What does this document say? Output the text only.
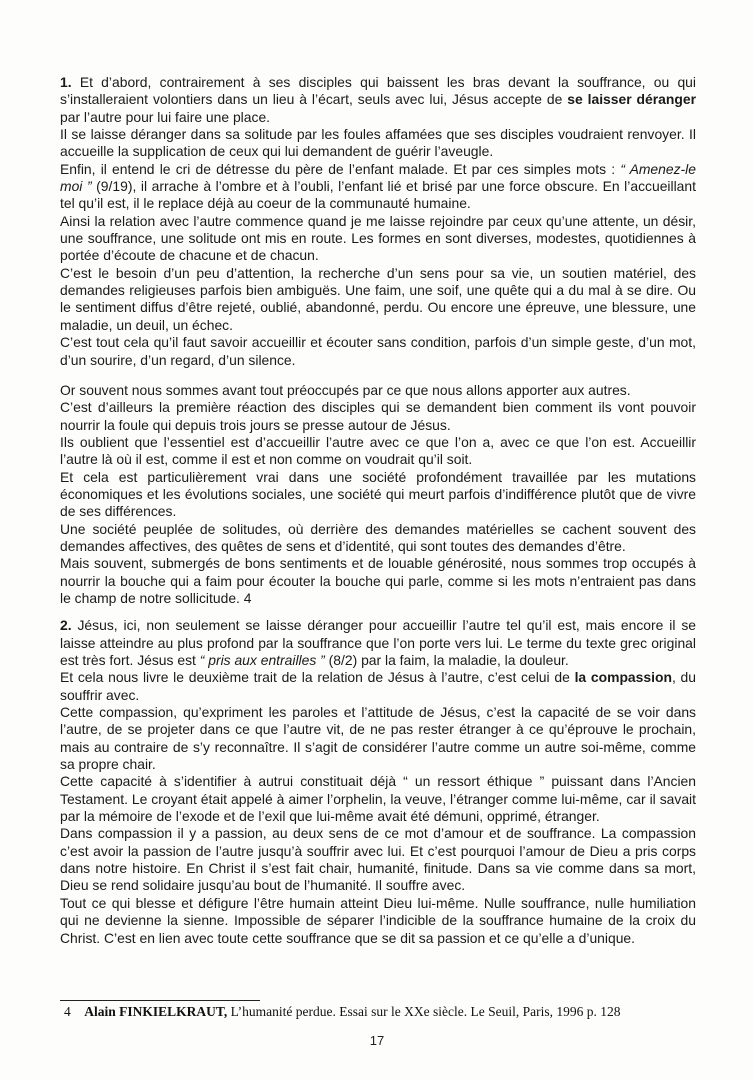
1. Et d’abord, contrairement à ses disciples qui baissent les bras devant la souffrance, ou qui s’installeraient volontiers dans un lieu à l’écart, seuls avec lui, Jésus accepte de se laisser déranger par l’autre pour lui faire une place.

Il se laisse déranger dans sa solitude par les foules affamées que ses disciples voudraient renvoyer. Il accueille la supplication de ceux qui lui demandent de guérir l’aveugle.

Enfin, il entend le cri de détresse du père de l’enfant malade. Et par ces simples mots : “ Amenez-le moi ” (9/19), il arrache à l’ombre et à l’oubli, l’enfant lié et brisé par une force obscure. En l’accueillant tel qu’il est, il le replace déjà au coeur de la communauté humaine.

Ainsi la relation avec l’autre commence quand je me laisse rejoindre par ceux qu’une attente, un désir, une souffrance, une solitude ont mis en route. Les formes en sont diverses, modestes, quotidiennes à portée d’écoute de chacune et de chacun.

C’est le besoin d’un peu d’attention, la recherche d’un sens pour sa vie, un soutien matériel, des demandes religieuses parfois bien ambiguës. Une faim, une soif, une quête qui a du mal à se dire. Ou le sentiment diffus d’être rejeté, oublié, abandonné, perdu. Ou encore une épreuve, une blessure, une maladie, un deuil, un échec.

C’est tout cela qu’il faut savoir accueillir et écouter sans condition, parfois d’un simple geste, d’un mot, d’un sourire, d’un regard, d’un silence.

Or souvent nous sommes avant tout préoccupés par ce que nous allons apporter aux autres.

C’est d’ailleurs la première réaction des disciples qui se demandent bien comment ils vont pouvoir nourrir la foule qui depuis trois jours se presse autour de Jésus.

Ils oublient que l’essentiel est d’accueillir l’autre avec ce que l’on a, avec ce que l’on est. Accueillir l’autre là où il est, comme il est et non comme on voudrait qu’il soit.

Et cela est particulièrement vrai dans une société profondément travaillée par les mutations économiques et les évolutions sociales, une société qui meurt parfois d’indifférence plutôt que de vivre de ses différences.

Une société peuplée de solitudes, où derrière des demandes matérielles se cachent souvent des demandes affectives, des quêtes de sens et d’identité, qui sont toutes des demandes d’être.

Mais souvent, submergés de bons sentiments et de louable générosité, nous sommes trop occupés à nourrir la bouche qui a faim pour écouter la bouche qui parle, comme si les mots n’entraient pas dans le champ de notre sollicitude. 4

2. Jésus, ici, non seulement se laisse déranger pour accueillir l’autre tel qu’il est, mais encore il se laisse atteindre au plus profond par la souffrance que l’on porte vers lui. Le terme du texte grec original est très fort. Jésus est “ pris aux entrailles ” (8/2) par la faim, la maladie, la douleur.

Et cela nous livre le deuxième trait de la relation de Jésus à l’autre, c’est celui de la compassion, du souffrir avec.

Cette compassion, qu’expriment les paroles et l’attitude de Jésus, c’est la capacité de se voir dans l’autre, de se projeter dans ce que l’autre vit, de ne pas rester étranger à ce qu’éprouve le prochain, mais au contraire de s’y reconnaître. Il s’agit de considérer l’autre comme un autre soi-même, comme sa propre chair.

Cette capacité à s’identifier à autrui constituait déjà “ un ressort éthique ” puissant dans l’Ancien Testament. Le croyant était appelé à aimer l’orphelin, la veuve, l’étranger comme lui-même, car il savait par la mémoire de l’exode et de l’exil que lui-même avait été démuni, opprimé, étranger.

Dans compassion il y a passion, au deux sens de ce mot d’amour et de souffrance. La compassion c’est avoir la passion de l’autre jusqu’à souffrir avec lui. Et c’est pourquoi l’amour de Dieu a pris corps dans notre histoire. En Christ il s’est fait chair, humanité, finitude. Dans sa vie comme dans sa mort, Dieu se rend solidaire jusqu’au bout de l’humanité. Il souffre avec.

Tout ce qui blesse et défigure l’être humain atteint Dieu lui-même. Nulle souffrance, nulle humiliation qui ne devienne la sienne. Impossible de séparer l’indicible de la souffrance humaine de la croix du Christ. C’est en lien avec toute cette souffrance que se dit sa passion et ce qu’elle a d’unique.

4 Alain FINKIELKRAUT, L’humanité perdue. Essai sur le XXe siècle. Le Seuil, Paris, 1996 p. 128
17
